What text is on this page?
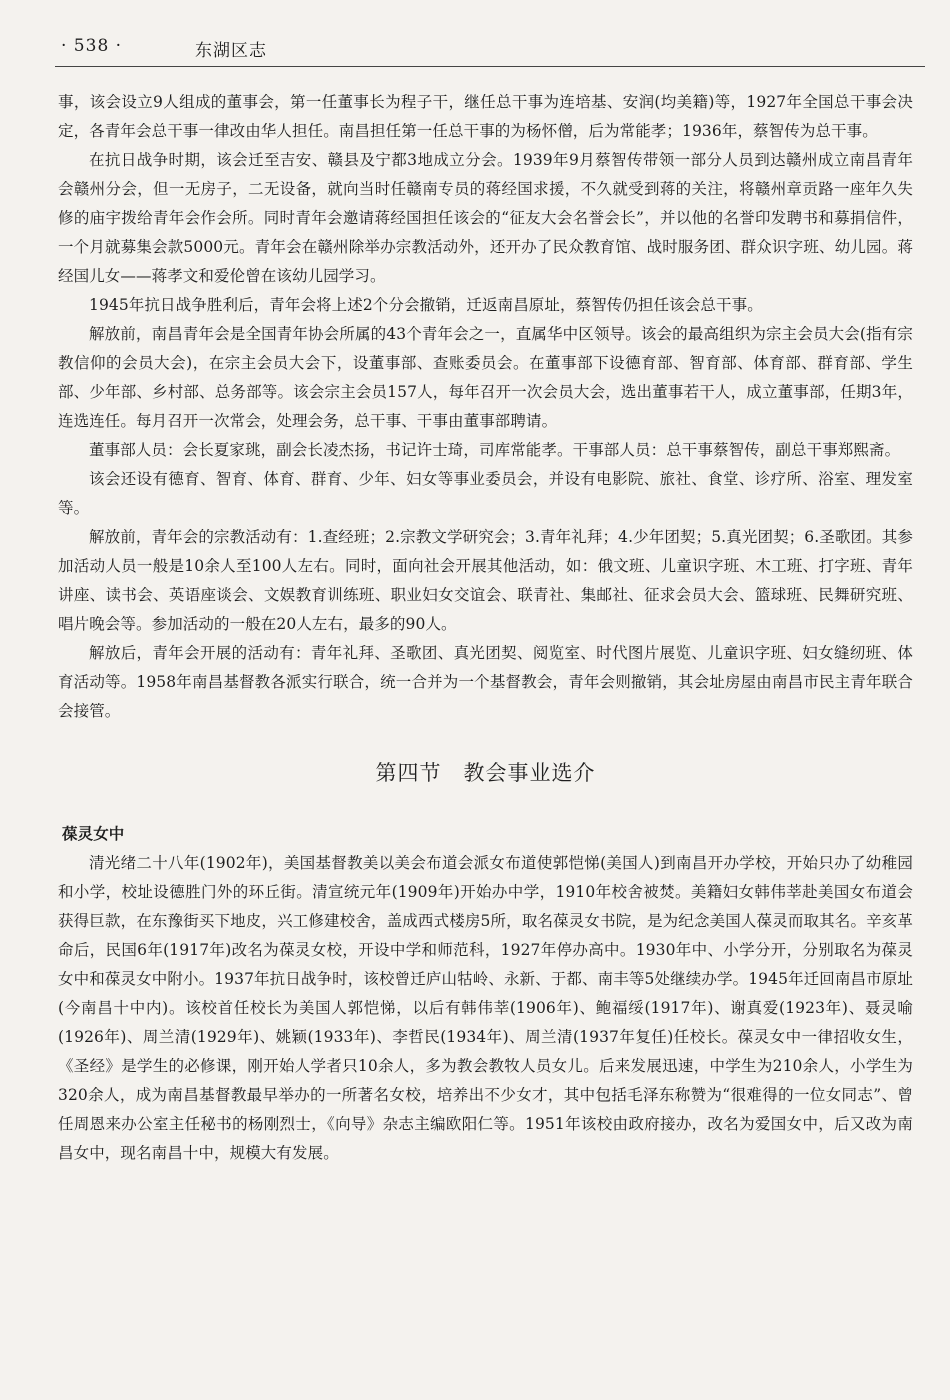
· 538 ·	东湖区志

事，该会设立9人组成的董事会，第一任董事长为程子干，继任总干事为连培基、安润(均美籍)等，1927年全国总干事会决定，各青年会总干事一律改由华人担任。南昌担任第一任总干事的为杨怀僧，后为常能孝；1936年，蔡智传为总干事。

在抗日战争时期，该会迁至吉安、赣县及宁都3地成立分会。1939年9月蔡智传带领一部分人员到达赣州成立南昌青年会赣州分会，但一无房子，二无设备，就向当时任赣南专员的蒋经国求援，不久就受到蒋的关注，将赣州章贡路一座年久失修的庙宇拨给青年会作会所。同时青年会邀请蒋经国担任该会的“征友大会名誉会长”，并以他的名誉印发聘书和募捐信件，一个月就募集会款5000元。青年会在赣州除举办宗教活动外，还开办了民众教育馆、战时服务团、群众识字班、幼儿园。蒋经国儿女——蒋孝文和爱伦曾在该幼儿园学习。

1945年抗日战争胜利后，青年会将上述2个分会撤销，迁返南昌原址，蔡智传仍担任该会总干事。

解放前，南昌青年会是全国青年协会所属的43个青年会之一，直属华中区领导。该会的最高组织为宗主会员大会(指有宗教信仰的会员大会)，在宗主会员大会下，设董事部、查账委员会。在董事部下设德育部、智育部、体育部、群育部、学生部、少年部、乡村部、总务部等。该会宗主会员157人，每年召开一次会员大会，选出董事若干人，成立董事部，任期3年，连选连任。每月召开一次常会，处理会务，总干事、干事由董事部聘请。

董事部人员：会长夏家珧，副会长凌杰扬，书记许士琦，司库常能孝。干事部人员：总干事蔡智传，副总干事郑熙斋。

该会还设有德育、智育、体育、群育、少年、妇女等事业委员会，并设有电影院、旅社、食堂、诊疗所、浴室、理发室等。

解放前，青年会的宗教活动有：1.查经班；2.宗教文学研究会；3.青年礼拜；4.少年团契；5.真光团契；6.圣歌团。其参加活动人员一般是10余人至100人左右。同时，面向社会开展其他活动，如：俄文班、儿童识字班、木工班、打字班、青年讲座、读书会、英语座谈会、文娱教育训练班、职业妇女交谊会、联青社、集邮社、征求会员大会、篮球班、民舞研究班、唱片晚会等。参加活动的一般在20人左右，最多的90人。

解放后，青年会开展的活动有：青年礼拜、圣歌团、真光团契、阅览室、时代图片展览、儿童识字班、妇女缝纫班、体育活动等。1958年南昌基督教各派实行联合，统一合并为一个基督教会，青年会则撤销，其会址房屋由南昌市民主青年联合会接管。

第四节 教会事业选介
葆灵女中

清光绪二十八年(1902年)，美国基督教美以美会布道会派女布道使郭恺悌(美国人)到南昌开办学校，开始只办了幼稚园和小学，校址设德胜门外的环丘街。清宣统元年(1909年)开始办中学，1910年校舍被焚。美籍妇女韩伟莘赴美国女布道会获得巨款，在东豫街买下地皮，兴工修建校舍，盖成西式楼房5所，取名葆灵女书院，是为纪念美国人葆灵而取其名。辛亥革命后，民国6年(1917年)改名为葆灵女校，开设中学和师范科，1927年停办高中。1930年中、小学分开，分别取名为葆灵女中和葆灵女中附小。1937年抗日战争时，该校曾迁庐山牯岭、永新、于都、南丰等5处继续办学。1945年迁回南昌市原址(今南昌十中内)。该校首任校长为美国人郭恺悌，以后有韩伟莘(1906年)、鲍福绥(1917年)、谢真爱(1923年)、聂灵喻(1926年)、周兰清(1929年)、姚颖(1933年)、李哲民(1934年)、周兰清(1937年复任)任校长。葆灵女中一律招收女生，《圣经》是学生的必修课，刚开始人学者只10余人，多为教会教牧人员女儿。后来发展迅速，中学生为210余人，小学生为320余人，成为南昌基督教最早举办的一所著名女校，培养出不少女才，其中包括毛泽东称赞为“很难得的一位女同志”、曾任周恩来办公室主任秘书的杨刚烈士，《向导》杂志主编欧阳仁等。1951年该校由政府接办，改名为爱国女中，后又改为南昌女中，现名南昌十中，规模大有发展。
